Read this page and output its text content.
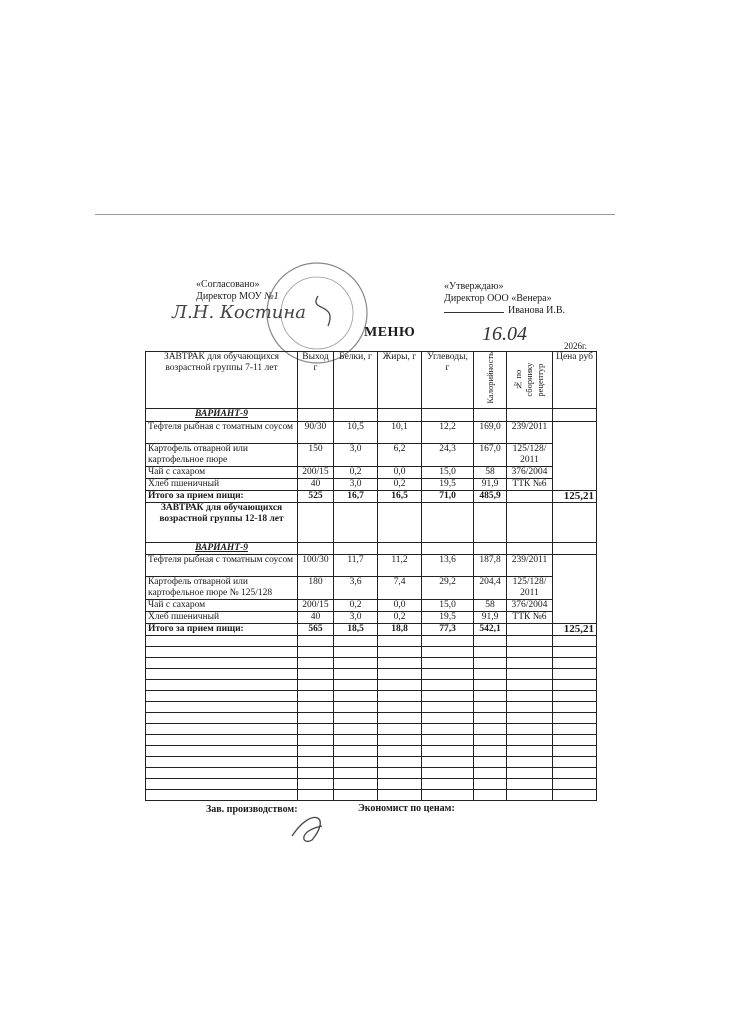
«Согласовано»
Директор МОУ №1
Л.Н. Костина
«Утверждаю»
Директор ООО «Венера»
Иванова И.В.
МЕНЮ	16.04
2026г.
ЗАВТРАК для обучающихся возрастной группы 7-11 лет	Выход г	Белки, г	Жиры, г	Углеводы, г	Калорийность	№ по сборнику рецептур	Цена руб
ВАРИАНТ-9							
Тефтеля рыбная с томатным соусом	90/30	10,5	10,1	12,2	169,0	239/2011	
Картофель отварной или картофельное пюре	150	3,0	6,2	24,3	167,0	125/128/ 2011	
Чай с сахаром	200/15	0,2	0,0	15,0	58	376/2004	
Хлеб пшеничный	40	3,0	0,2	19,5	91,9	ТТК №6	
Итого за прием пищи:	525	16,7	16,5	71,0	485,9		125,21
ЗАВТРАК для обучающихся возрастной группы 12-18 лет							
ВАРИАНТ-9							
Тефтеля рыбная с томатным соусом	100/30	11,7	11,2	13,6	187,8	239/2011	
Картофель отварной или картофельное пюре № 125/128	180	3,6	7,4	29,2	204,4	125/128/ 2011	
Чай с сахаром	200/15	0,2	0,0	15,0	58	376/2004	
Хлеб пшеничный	40	3,0	0,2	19,5	91,9	ТТК №6	
Итого за прием пищи:	565	18,5	18,8	77,3	542,1		125,21

Зав. производством:	Экономист по ценам:
